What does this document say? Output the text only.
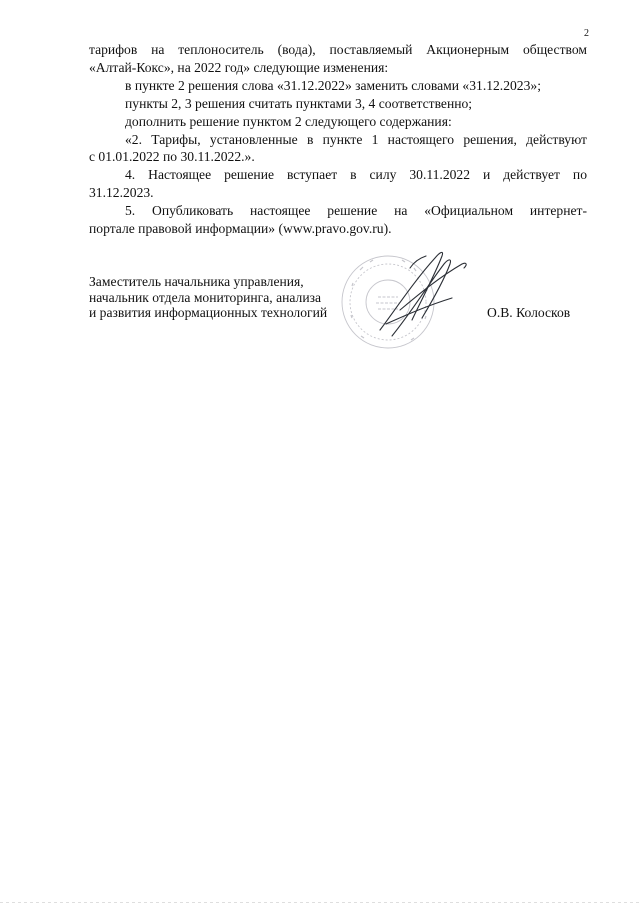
2

тарифов на теплоноситель (вода), поставляемый Акционерным обществом

«Алтай-Кокс», на 2022 год» следующие изменения:

в пункте 2 решения слова «31.12.2022» заменить словами «31.12.2023»;

пункты 2, 3 решения считать пунктами 3, 4 соответственно;

дополнить решение пунктом 2 следующего содержания:

«2. Тарифы, установленные в пункте 1 настоящего решения, действуют

с 01.01.2022 по 30.11.2022.».

4. Настоящее решение вступает в силу 30.11.2022 и действует по

31.12.2023.

5. Опубликовать настоящее решение на «Официальном интернет-

портале правовой информации» (www.pravo.gov.ru).

Заместитель начальника управления,
начальник отдела мониторинга, анализа
и развития информационных технологий	О.В. Колосков
